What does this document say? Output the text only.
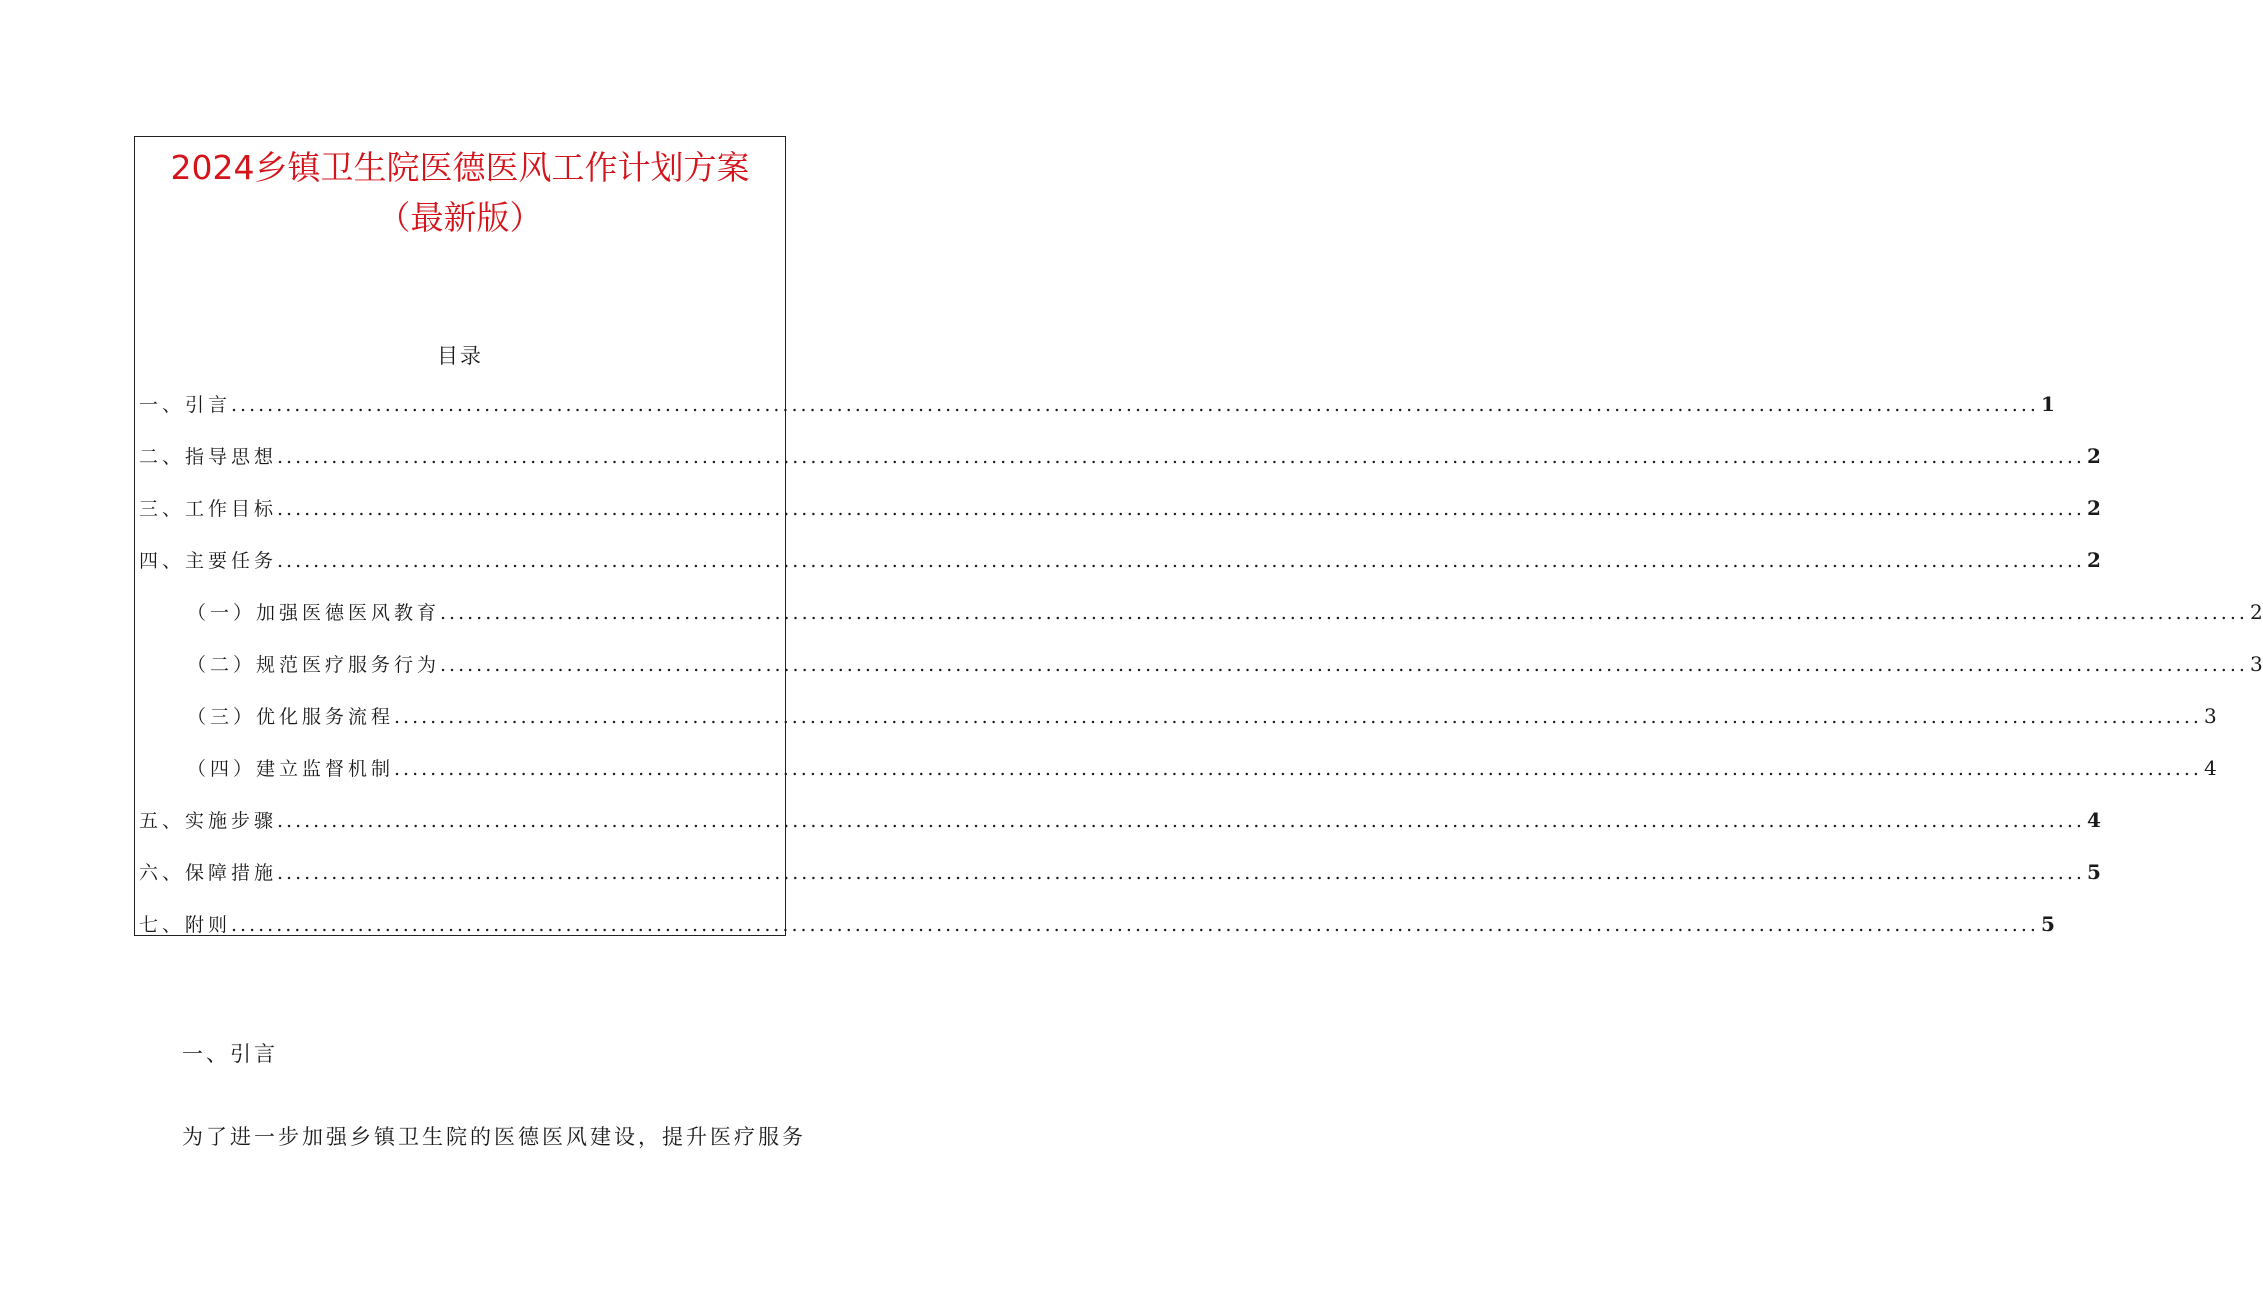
2024乡镇卫生院医德医风工作计划方案
（最新版）
目录
一、引言 ........................................................................................................................................................................................................ 1
二、指导思想 ........................................................................................................................................................................................................ 2
三、工作目标 ........................................................................................................................................................................................................ 2
四、主要任务 ........................................................................................................................................................................................................ 2
（一）加强医德医风教育 ........................................................................................................................................................................................................ 2
（二）规范医疗服务行为 ........................................................................................................................................................................................................ 3
（三）优化服务流程 ........................................................................................................................................................................................................ 3
（四）建立监督机制 ........................................................................................................................................................................................................ 4
五、实施步骤 ........................................................................................................................................................................................................ 4
六、保障措施 ........................................................................................................................................................................................................ 5
七、附则 ........................................................................................................................................................................................................ 5
一、引言
为了进一步加强乡镇卫生院的医德医风建设，提升医疗服务
